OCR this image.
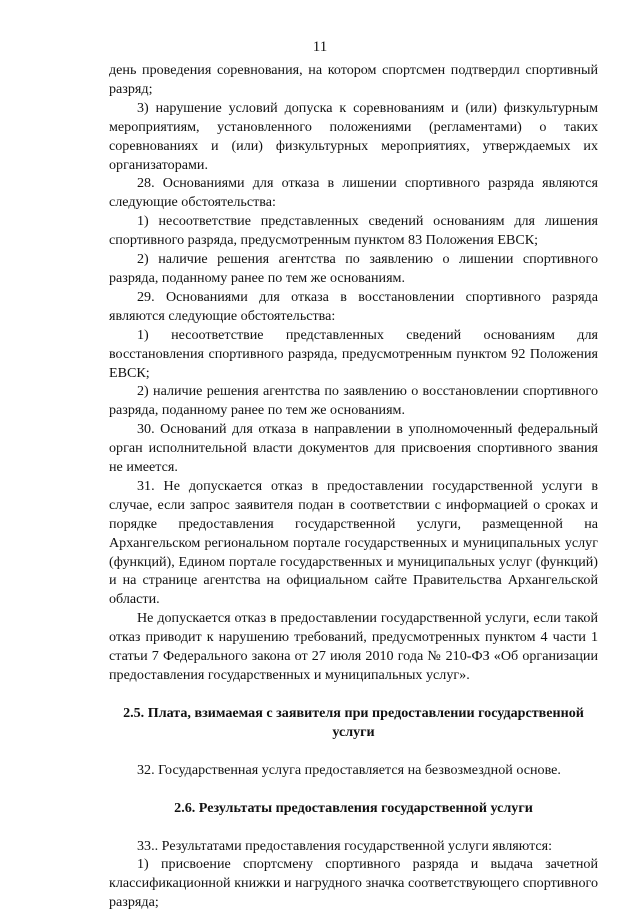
11

день проведения соревнования, на котором спортсмен подтвердил спортивный разряд;

3) нарушение условий допуска к соревнованиям и (или) физкультурным мероприятиям, установленного положениями (регламентами) о таких соревнованиях и (или) физкультурных мероприятиях, утверждаемых их организаторами.

28. Основаниями для отказа в лишении спортивного разряда являются следующие обстоятельства:

1) несоответствие представленных сведений основаниям для лишения спортивного разряда, предусмотренным пунктом 83 Положения ЕВСК;

2) наличие решения агентства по заявлению о лишении спортивного разряда, поданному ранее по тем же основаниям.

29. Основаниями для отказа в восстановлении спортивного разряда являются следующие обстоятельства:

1) несоответствие представленных сведений основаниям для восстановления спортивного разряда, предусмотренным пунктом 92 Положения ЕВСК;

2) наличие решения агентства по заявлению о восстановлении спортивного разряда, поданному ранее по тем же основаниям.

30. Оснований для отказа в направлении в уполномоченный федеральный орган исполнительной власти документов для присвоения спортивного звания не имеется.

31. Не допускается отказ в предоставлении государственной услуги в случае, если запрос заявителя подан в соответствии с информацией о сроках и порядке предоставления государственной услуги, размещенной на Архангельском региональном портале государственных и муниципальных услуг (функций), Едином портале государственных и муниципальных услуг (функций) и на странице агентства на официальном сайте Правительства Архангельской области.

Не допускается отказ в предоставлении государственной услуги, если такой отказ приводит к нарушению требований, предусмотренных пунктом 4 части 1 статьи 7 Федерального закона от 27 июля 2010 года № 210-ФЗ «Об организации предоставления государственных и муниципальных услуг».

2.5. Плата, взимаемая с заявителя при предоставлении государственной услуги

32. Государственная услуга предоставляется на безвозмездной основе.

2.6. Результаты предоставления государственной услуги

33.. Результатами предоставления государственной услуги являются:

1) присвоение спортсмену спортивного разряда и выдача зачетной классификационной книжки и нагрудного значка соответствующего спортивного разряда;
